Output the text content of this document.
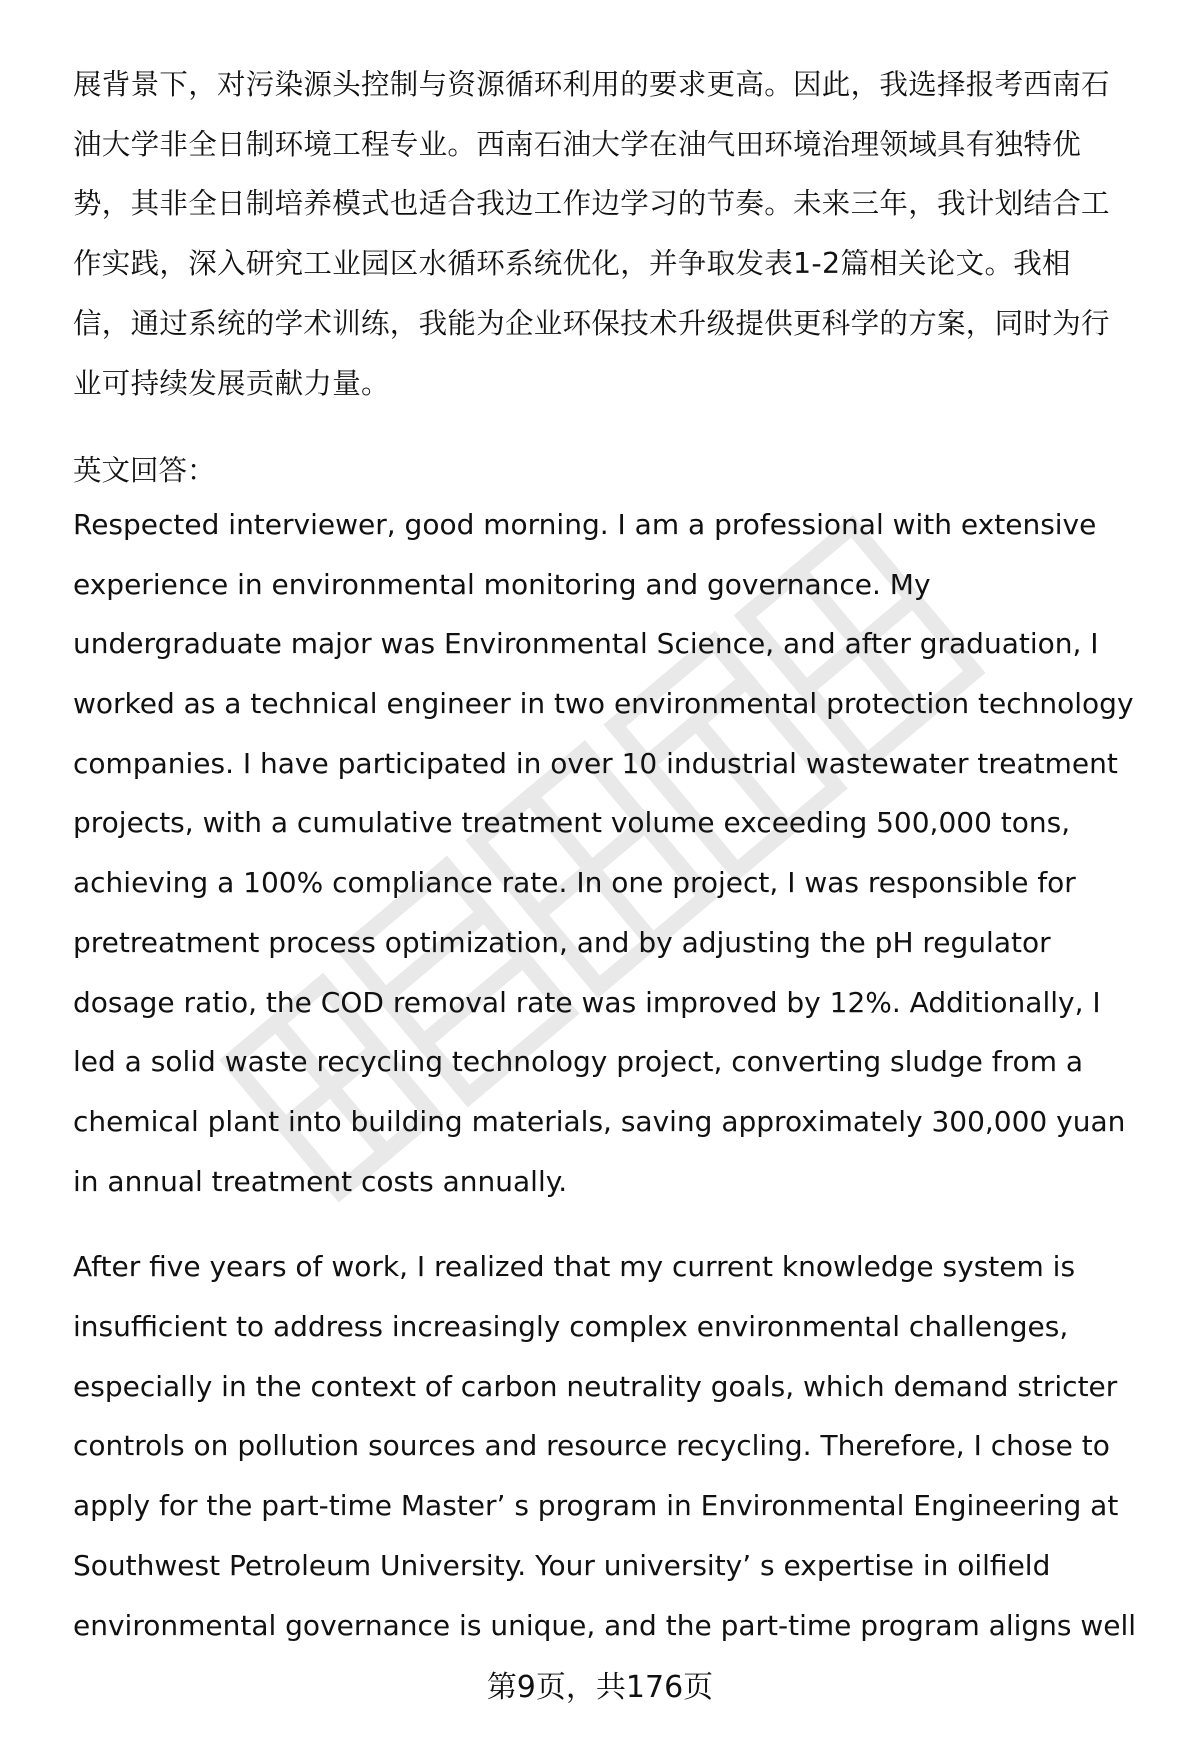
展背景下，对污染源头控制与资源循环利用的要求更高。因此，我选择报考西南石
油大学非全日制环境工程专业。西南石油大学在油气田环境治理领域具有独特优
势，其非全日制培养模式也适合我边工作边学习的节奏。未来三年，我计划结合工
作实践，深入研究工业园区水循环系统优化，并争取发表1-2篇相关论文。我相
信，通过系统的学术训练，我能为企业环保技术升级提供更科学的方案，同时为行
业可持续发展贡献力量。

英文回答：

Respected interviewer, good morning. I am a professional with extensive
experience in environmental monitoring and governance. My
undergraduate major was Environmental Science, and after graduation, I
worked as a technical engineer in two environmental protection technology
companies. I have participated in over 10 industrial wastewater treatment
projects, with a cumulative treatment volume exceeding 500,000 tons,
achieving a 100% compliance rate. In one project, I was responsible for
pretreatment process optimization, and by adjusting the pH regulator
dosage ratio, the COD removal rate was improved by 12%. Additionally, I
led a solid waste recycling technology project, converting sludge from a
chemical plant into building materials, saving approximately 300,000 yuan
in annual treatment costs annually.

After five years of work, I realized that my current knowledge system is
insufficient to address increasingly complex environmental challenges,
especially in the context of carbon neutrality goals, which demand stricter
controls on pollution sources and resource recycling. Therefore, I chose to
apply for the part-time Master’ s program in Environmental Engineering at
Southwest Petroleum University. Your university’ s expertise in oilfield
environmental governance is unique, and the part-time program aligns well

第9页，共176页
